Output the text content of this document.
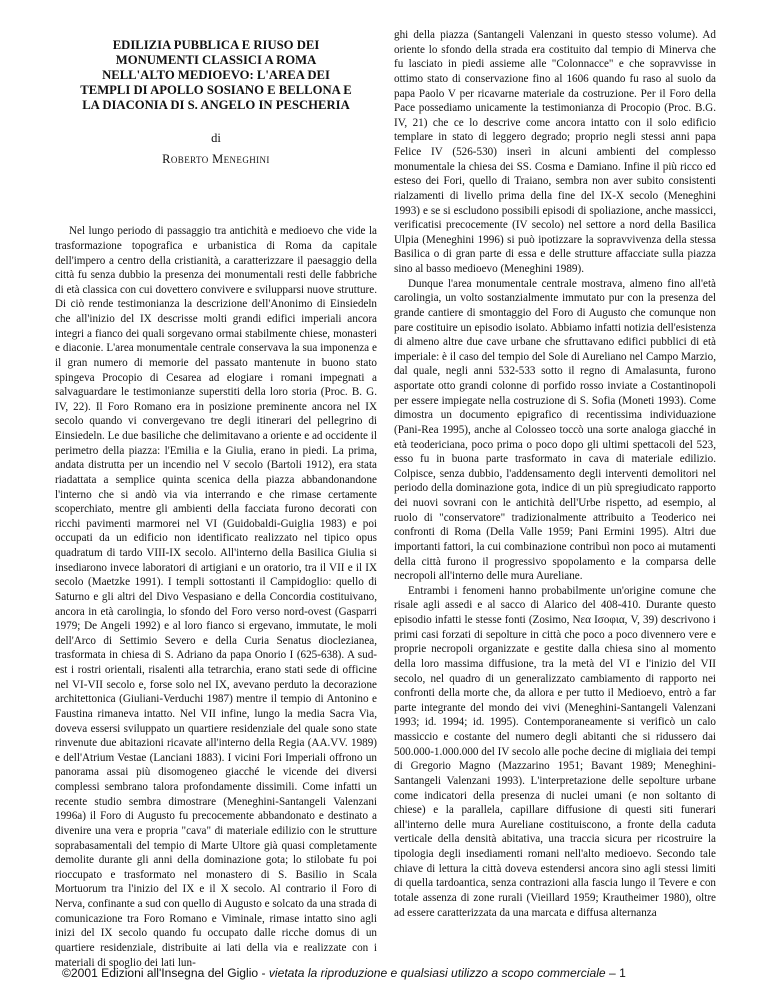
EDILIZIA PUBBLICA E RIUSO DEI
MONUMENTI CLASSICI A ROMA
NELL'ALTO MEDIOEVO: L'AREA DEI
TEMPLI DI APOLLO SOSIANO E BELLONA E
LA DIACONIA DI S. ANGELO IN PESCHERIA
di
Roberto Meneghini

Nel lungo periodo di passaggio tra antichità e medioevo che vide la trasformazione topografica e urbanistica di Roma da capitale dell'impero a centro della cristianità, a caratterizzare il paesaggio della città fu senza dubbio la presenza dei monumentali resti delle fabbriche di età classica con cui dovettero convivere e svilupparsi nuove strutture. Di ciò rende testimonianza la descrizione dell'Anonimo di Einsiedeln che all'inizio del IX descrisse molti grandi edifici imperiali ancora integri a fianco dei quali sorgevano ormai stabilmente chiese, monasteri e diaconie. L'area monumentale centrale conservava la sua imponenza e il gran numero di memorie del passato mantenute in buono stato spingeva Procopio di Cesarea ad elogiare i romani impegnati a salvaguardare le testimonianze superstiti della loro storia (Proc. B. G. IV, 22). Il Foro Romano era in posizione preminente ancora nel IX secolo quando vi convergevano tre degli itinerari del pellegrino di Einsiedeln. Le due basiliche che delimitavano a oriente e ad occidente il perimetro della piazza: l'Emilia e la Giulia, erano in piedi. La prima, andata distrutta per un incendio nel V secolo (Bartoli 1912), era stata riadattata a semplice quinta scenica della piazza abbandonandone l'interno che si andò via via interrando e che rimase certamente scoperchiato, mentre gli ambienti della facciata furono decorati con ricchi pavimenti marmorei nel VI (Guidobaldi-Guiglia 1983) e poi occupati da un edificio non identificato realizzato nel tipico opus quadratum di tardo VIII-IX secolo. All'interno della Basilica Giulia si insediarono invece laboratori di artigiani e un oratorio, tra il VII e il IX secolo (Maetzke 1991). I templi sottostanti il Campidoglio: quello di Saturno e gli altri del Divo Vespasiano e della Concordia costituivano, ancora in età carolingia, lo sfondo del Foro verso nord-ovest (Gasparri 1979; De Angeli 1992) e al loro fianco si ergevano, immutate, le moli dell'Arco di Settimio Severo e della Curia Senatus dioclezianea, trasformata in chiesa di S. Adriano da papa Onorio I (625-638). A sud-est i rostri orientali, risalenti alla tetrarchia, erano stati sede di officine nel VI-VII secolo e, forse solo nel IX, avevano perduto la decorazione architettonica (Giuliani-Verduchi 1987) mentre il tempio di Antonino e Faustina rimaneva intatto. Nel VII infine, lungo la media Sacra Via, doveva essersi sviluppato un quartiere residenziale del quale sono state rinvenute due abitazioni ricavate all'interno della Regia (AA.VV. 1989) e dell'Atrium Vestae (Lanciani 1883). I vicini Fori Imperiali offrono un panorama assai più disomogeneo giacché le vicende dei diversi complessi sembrano talora profondamente dissimili. Come infatti un recente studio sembra dimostrare (Meneghini-Santangeli Valenzani 1996a) il Foro di Augusto fu precocemente abbandonato e destinato a divenire una vera e propria "cava" di materiale edilizio con le strutture soprabasamentali del tempio di Marte Ultore già quasi completamente demolite durante gli anni della dominazione gota; lo stilobate fu poi rioccupato e trasformato nel monastero di S. Basilio in Scala Mortuorum tra l'inizio del IX e il X secolo. Al contrario il Foro di Nerva, confinante a sud con quello di Augusto e solcato da una strada di comunicazione tra Foro Romano e Viminale, rimase intatto sino agli inizi del IX secolo quando fu occupato dalle ricche domus di un quartiere residenziale, distribuite ai lati della via e realizzate con i materiali di spoglio dei lati lun-

ghi della piazza (Santangeli Valenzani in questo stesso volume). Ad oriente lo sfondo della strada era costituito dal tempio di Minerva che fu lasciato in piedi assieme alle "Colonnacce" e che sopravvisse in ottimo stato di conservazione fino al 1606 quando fu raso al suolo da papa Paolo V per ricavarne materiale da costruzione. Per il Foro della Pace possediamo unicamente la testimonianza di Procopio (Proc. B.G. IV, 21) che ce lo descrive come ancora intatto con il solo edificio templare in stato di leggero degrado; proprio negli stessi anni papa Felice IV (526-530) inserì in alcuni ambienti del complesso monumentale la chiesa dei SS. Cosma e Damiano. Infine il più ricco ed esteso dei Fori, quello di Traiano, sembra non aver subito consistenti rialzamenti di livello prima della fine del IX-X secolo (Meneghini 1993) e se si escludono possibili episodi di spoliazione, anche massicci, verificatisi precocemente (IV secolo) nel settore a nord della Basilica Ulpia (Meneghini 1996) si può ipotizzare la sopravvivenza della stessa Basilica o di gran parte di essa e delle strutture affacciate sulla piazza sino al basso medioevo (Meneghini 1989).

Dunque l'area monumentale centrale mostrava, almeno fino all'età carolingia, un volto sostanzialmente immutato pur con la presenza del grande cantiere di smontaggio del Foro di Augusto che comunque non pare costituire un episodio isolato. Abbiamo infatti notizia dell'esistenza di almeno altre due cave urbane che sfruttavano edifici pubblici di età imperiale: è il caso del tempio del Sole di Aureliano nel Campo Marzio, dal quale, negli anni 532-533 sotto il regno di Amalasunta, furono asportate otto grandi colonne di porfido rosso inviate a Costantinopoli per essere impiegate nella costruzione di S. Sofia (Moneti 1993). Come dimostra un documento epigrafico di recentissima individuazione (Pani-Rea 1995), anche al Colosseo toccò una sorte analoga giacché in età teodericiana, poco prima o poco dopo gli ultimi spettacoli del 523, esso fu in buona parte trasformato in cava di materiale edilizio. Colpisce, senza dubbio, l'addensamento degli interventi demolitori nel periodo della dominazione gota, indice di un più spregiudicato rapporto dei nuovi sovrani con le antichità dell'Urbe rispetto, ad esempio, al ruolo di "conservatore" tradizionalmente attribuito a Teoderico nei confronti di Roma (Della Valle 1959; Pani Ermini 1995). Altri due importanti fattori, la cui combinazione contribuì non poco ai mutamenti della città furono il progressivo spopolamento e la comparsa delle necropoli all'interno delle mura Aureliane.

Entrambi i fenomeni hanno probabilmente un'origine comune che risale agli assedi e al sacco di Alarico del 408-410. Durante questo episodio infatti le stesse fonti (Zosimo, Νεα Ισοφια, V, 39) descrivono i primi casi forzati di sepolture in città che poco a poco divennero vere e proprie necropoli organizzate e gestite dalla chiesa sino al momento della loro massima diffusione, tra la metà del VI e l'inizio del VII secolo, nel quadro di un generalizzato cambiamento di rapporto nei confronti della morte che, da allora e per tutto il Medioevo, entrò a far parte integrante del mondo dei vivi (Meneghini-Santangeli Valenzani 1993; id. 1994; id. 1995). Contemporaneamente si verificò un calo massiccio e costante del numero degli abitanti che si ridussero dai 500.000-1.000.000 del IV secolo alle poche decine di migliaia dei tempi di Gregorio Magno (Mazzarino 1951; Bavant 1989; Meneghini-Santangeli Valenzani 1993). L'interpretazione delle sepolture urbane come indicatori della presenza di nuclei umani (e non soltanto di chiese) e la parallela, capillare diffusione di questi siti funerari all'interno delle mura Aureliane costituiscono, a fronte della caduta verticale della densità abitativa, una traccia sicura per ricostruire la tipologia degli insediamenti romani nell'alto medioevo. Secondo tale chiave di lettura la città doveva estendersi ancora sino agli stessi limiti di quella tardoantica, senza contrazioni alla fascia lungo il Tevere e con totale assenza di zone rurali (Vieillard 1959; Krautheimer 1980), oltre ad essere caratterizzata da una marcata e diffusa alternanza

©2001 Edizioni all'Insegna del Giglio - vietata la riproduzione e qualsiasi utilizzo a scopo commerciale – 1
